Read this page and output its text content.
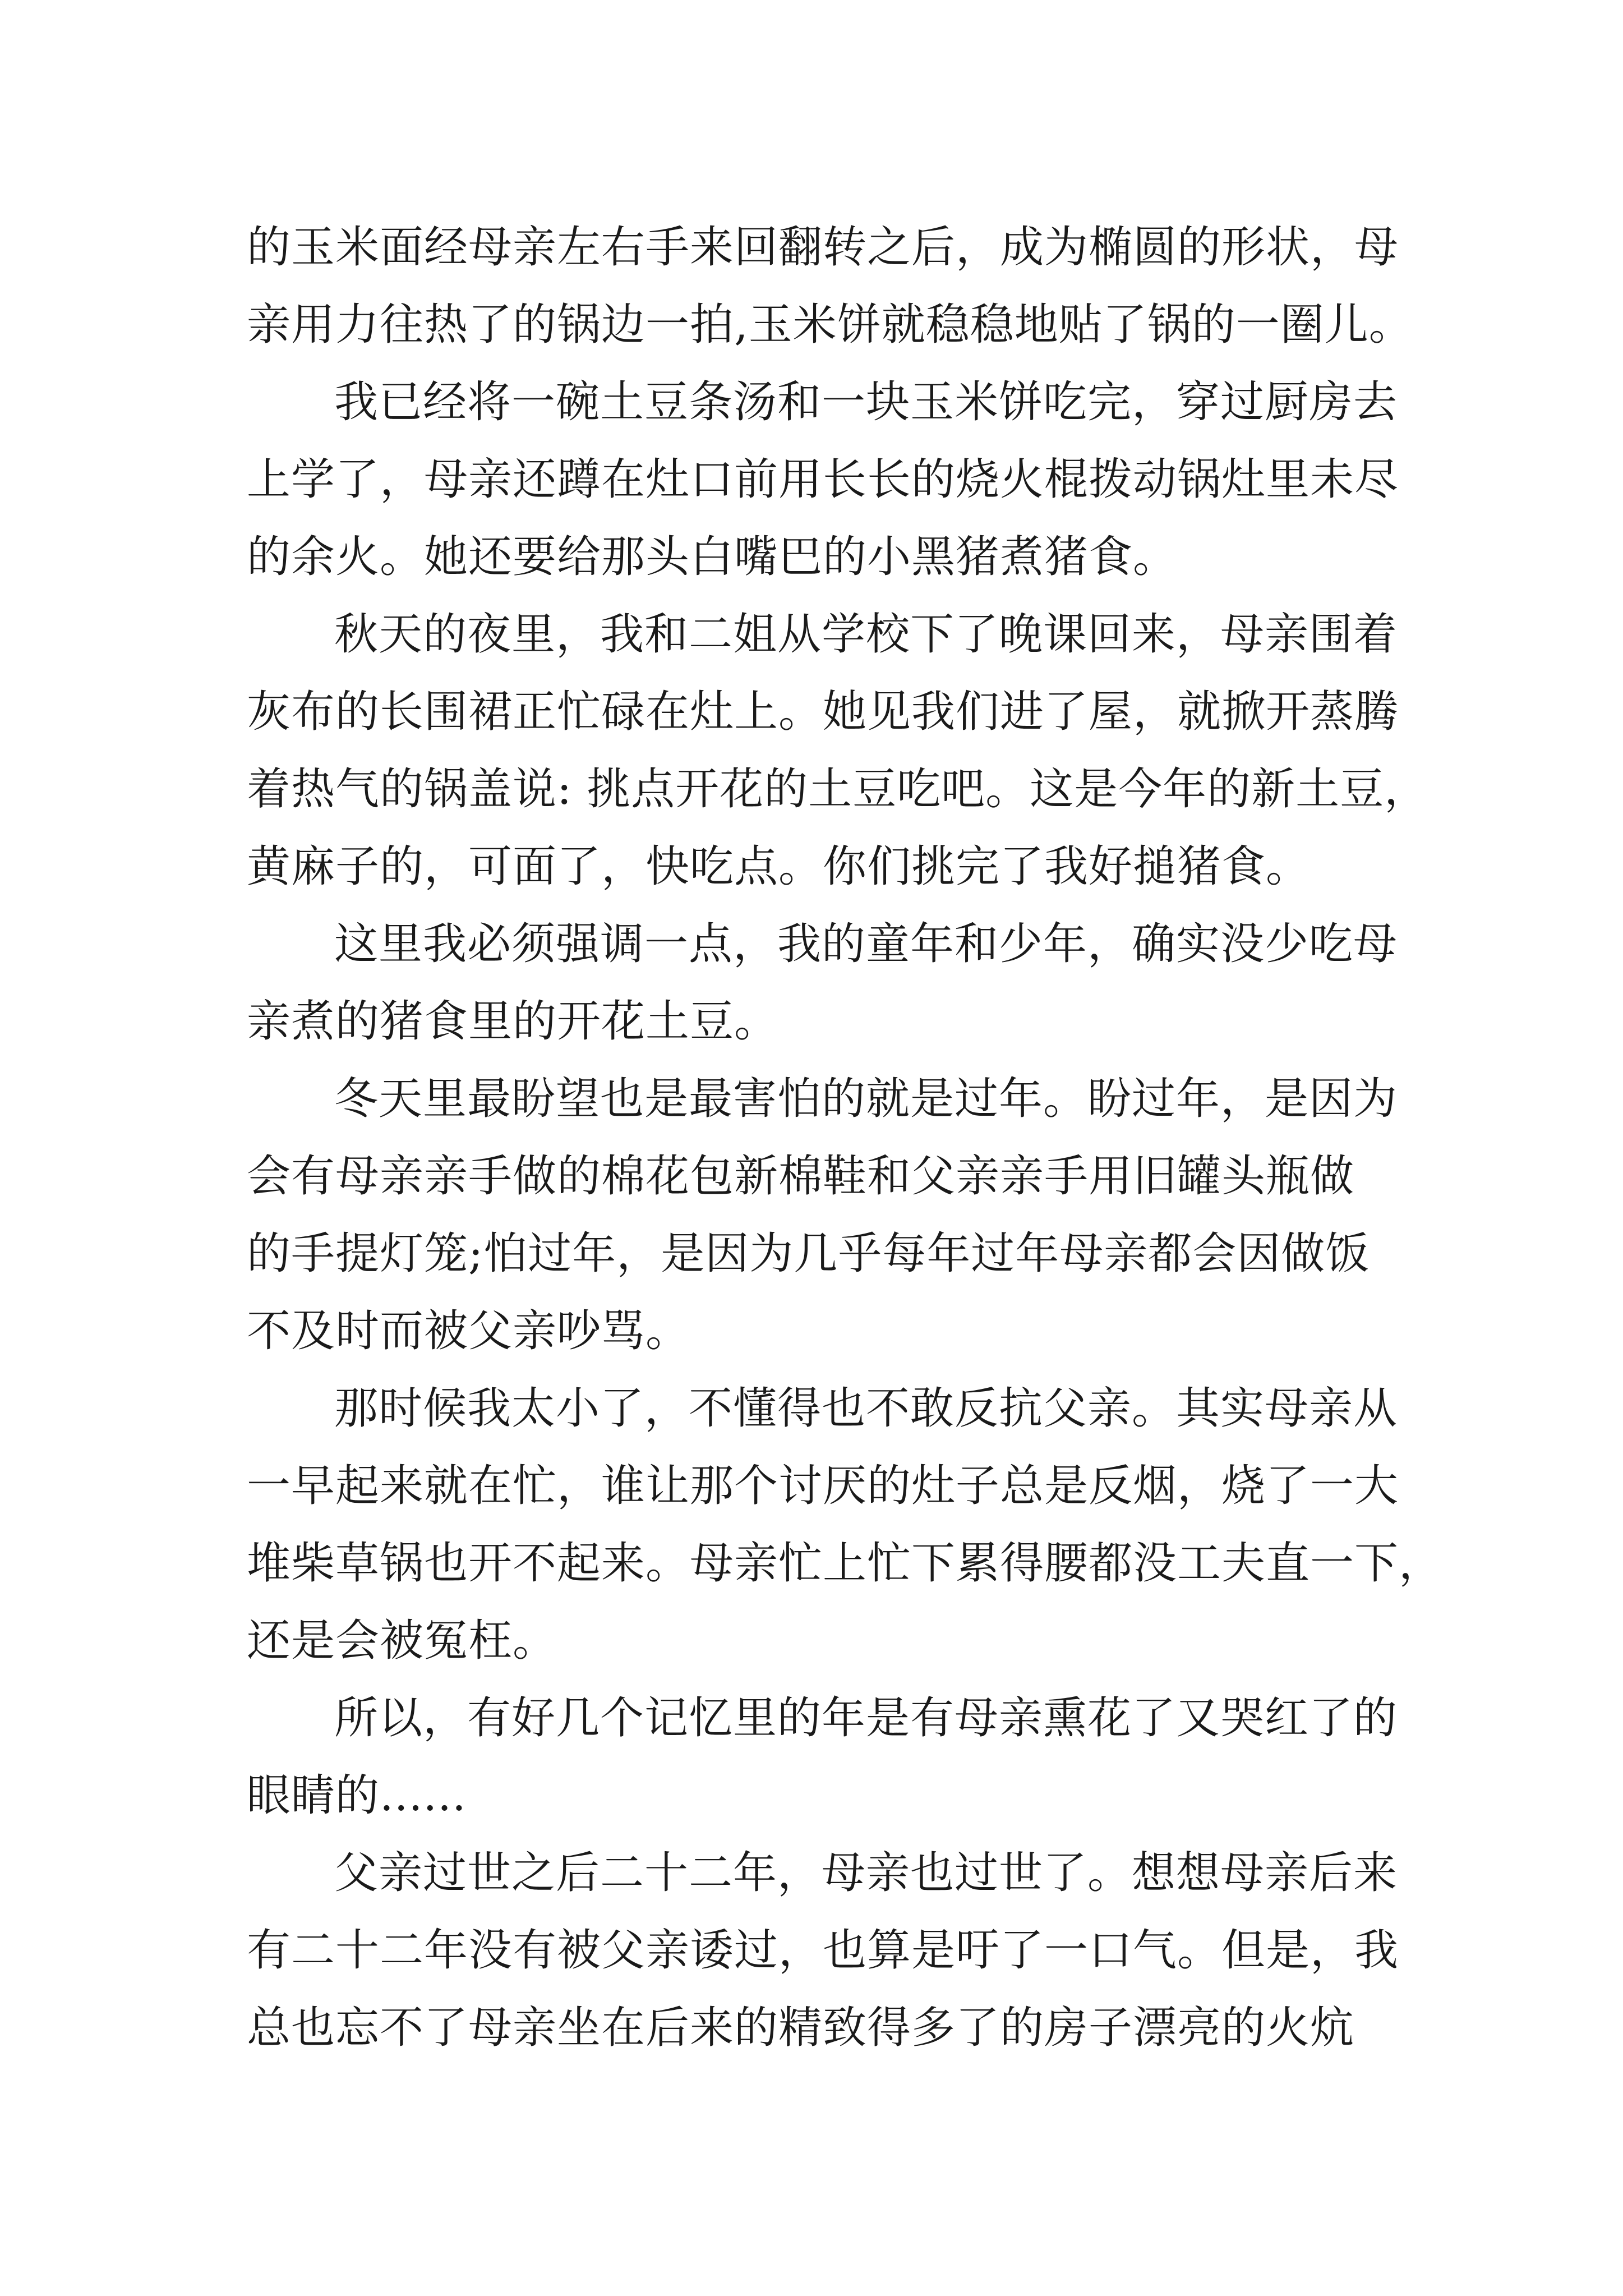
的玉米面经母亲左右手来回翻转之后，成为椭圆的形状，母
亲用力往热了的锅边一拍,玉米饼就稳稳地贴了锅的一圈儿。
我已经将一碗土豆条汤和一块玉米饼吃完，穿过厨房去
上学了，母亲还蹲在灶口前用长长的烧火棍拨动锅灶里未尽
的余火。她还要给那头白嘴巴的小黑猪煮猪食。
秋天的夜里，我和二姐从学校下了晚课回来，母亲围着
灰布的长围裙正忙碌在灶上。她见我们进了屋，就掀开蒸腾
着热气的锅盖说: 挑点开花的土豆吃吧。这是今年的新土豆，
黄麻子的，可面了，快吃点。你们挑完了我好搥猪食。
这里我必须强调一点，我的童年和少年，确实没少吃母
亲煮的猪食里的开花土豆。
冬天里最盼望也是最害怕的就是过年。盼过年，是因为
会有母亲亲手做的棉花包新棉鞋和父亲亲手用旧罐头瓶做
的手提灯笼;怕过年，是因为几乎每年过年母亲都会因做饭
不及时而被父亲吵骂。
那时候我太小了，不懂得也不敢反抗父亲。其实母亲从
一早起来就在忙，谁让那个讨厌的灶子总是反烟，烧了一大
堆柴草锅也开不起来。母亲忙上忙下累得腰都没工夫直一下，
还是会被冤枉。
所以，有好几个记忆里的年是有母亲熏花了又哭红了的
眼睛的......
父亲过世之后二十二年，母亲也过世了。想想母亲后来
有二十二年没有被父亲诿过，也算是吁了一口气。但是，我
总也忘不了母亲坐在后来的精致得多了的房子漂亮的火炕
